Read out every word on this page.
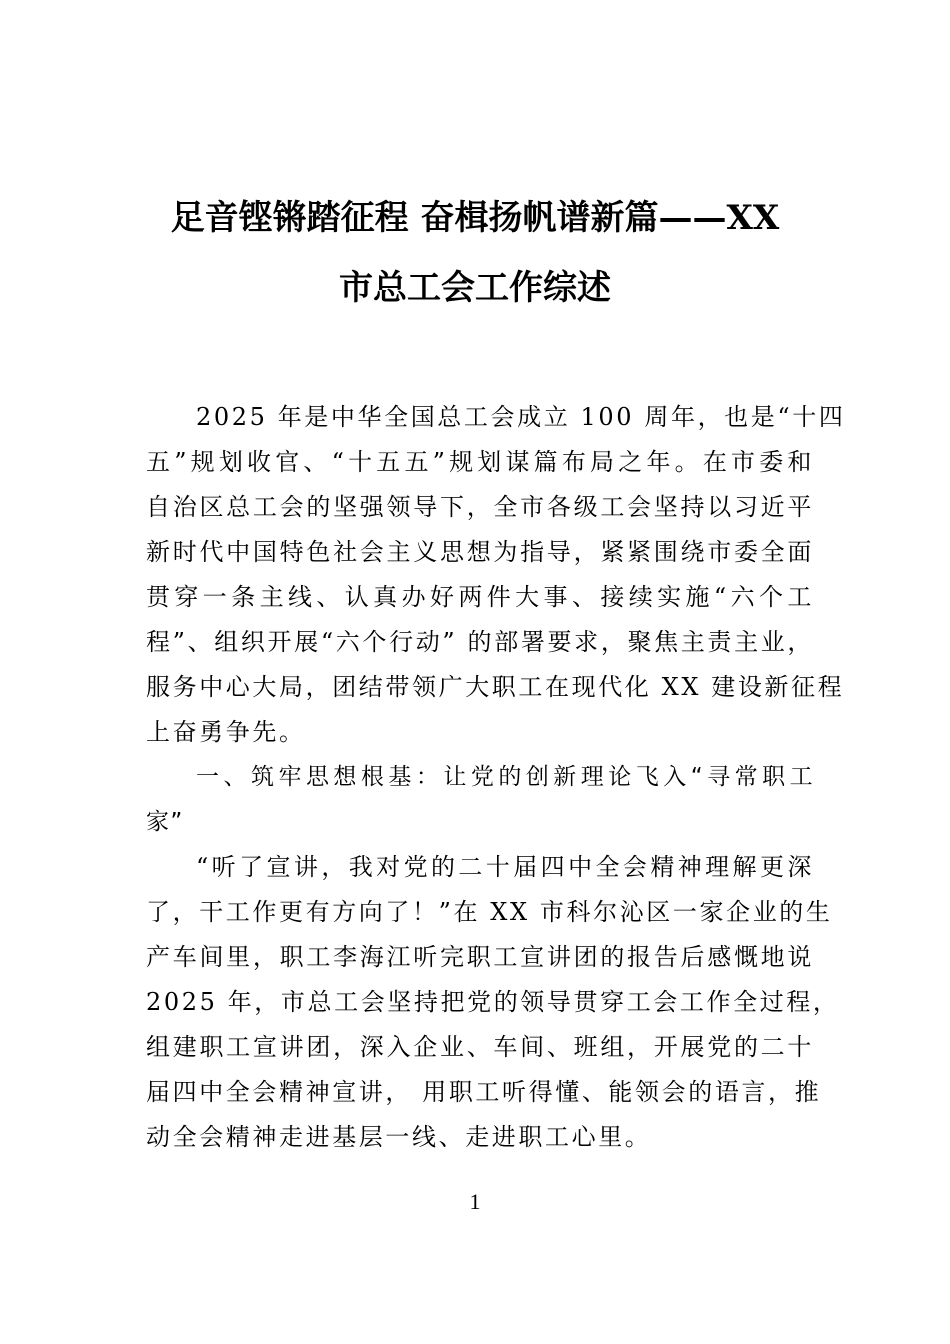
足音铿锵踏征程 奋楫扬帆谱新篇——XX
市总工会工作综述
2025 年是中华全国总工会成立 100 周年，也是“十四
五”规划收官、“十五五”规划谋篇布局之年。在市委和
自治区总工会的坚强领导下，全市各级工会坚持以习近平
新时代中国特色社会主义思想为指导，紧紧围绕市委全面
贯穿一条主线、认真办好两件大事、接续实施“六个工
程”、组织开展“六个行动” 的部署要求，聚焦主责主业，
服务中心大局，团结带领广大职工在现代化 XX 建设新征程
上奋勇争先。
一、筑牢思想根基：让党的创新理论飞入“寻常职工
家”
“听了宣讲，我对党的二十届四中全会精神理解更深
了，干工作更有方向了！”在 XX 市科尔沁区一家企业的生
产车间里，职工李海江听完职工宣讲团的报告后感慨地说
2025 年，市总工会坚持把党的领导贯穿工会工作全过程，
组建职工宣讲团，深入企业、车间、班组，开展党的二十
届四中全会精神宣讲， 用职工听得懂、能领会的语言，推
动全会精神走进基层一线、走进职工心里。
1
